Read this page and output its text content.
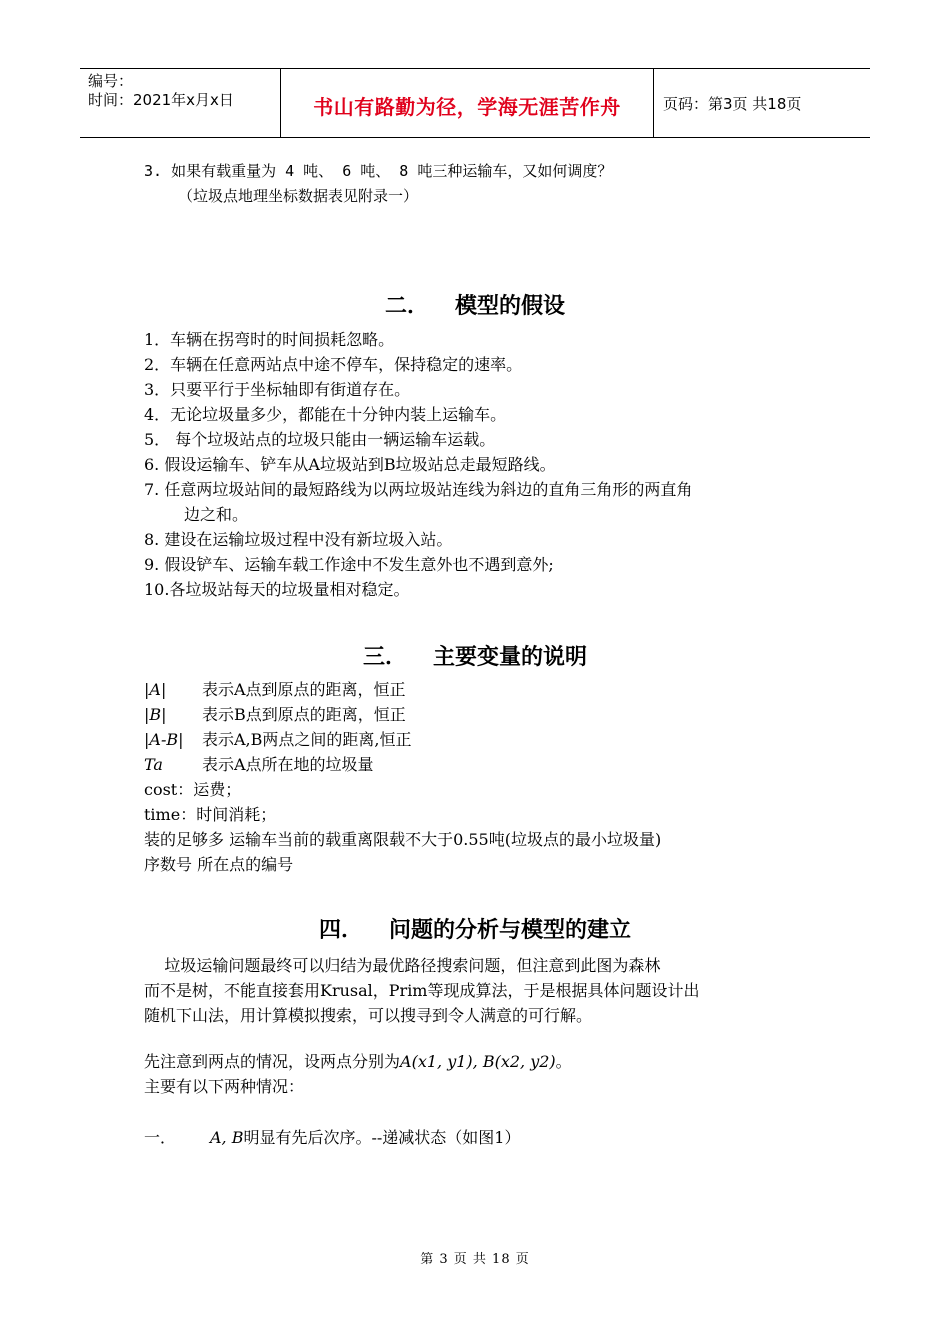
编号：
时间：2021年x月x日	书山有路勤为径，学海无涯苦作舟	页码：第3页 共18页
3. 如果有载重量为 4 吨、 6 吨、 8 吨三种运输车，又如何调度？
（垃圾点地理坐标数据表见附录一）
二． 模型的假设
1．车辆在拐弯时的时间损耗忽略。
2．车辆在任意两站点中途不停车，保持稳定的速率。
3．只要平行于坐标轴即有街道存在。
4．无论垃圾量多少，都能在十分钟内装上运输车。
5． 每个垃圾站点的垃圾只能由一辆运输车运载。
6. 假设运输车、铲车从A垃圾站到B垃圾站总走最短路线。
7. 任意两垃圾站间的最短路线为以两垃圾站连线为斜边的直角三角形的两直角
边之和。
8. 建设在运输垃圾过程中没有新垃圾入站。
9. 假设铲车、运输车载工作途中不发生意外也不遇到意外;
10.各垃圾站每天的垃圾量相对稳定。
三． 主要变量的说明
|A| 表示A点到原点的距离，恒正
|B| 表示B点到原点的距离，恒正
|A-B| 表示A,B两点之间的距离,恒正
Ta 表示A点所在地的垃圾量
cost：运费；
time：时间消耗；
装的足够多 运输车当前的载重离限载不大于0.55吨(垃圾点的最小垃圾量)
序数号 所在点的编号
四． 问题的分析与模型的建立
垃圾运输问题最终可以归结为最优路径搜索问题，但注意到此图为森林
而不是树，不能直接套用Krusal，Prim等现成算法，于是根据具体问题设计出
随机下山法，用计算模拟搜索，可以搜寻到令人满意的可行解。
先注意到两点的情况，设两点分别为A(x1, y1), B(x2, y2)。
主要有以下两种情况：
一． A, B明显有先后次序。--递减状态（如图1）
第 3 页 共 18 页
